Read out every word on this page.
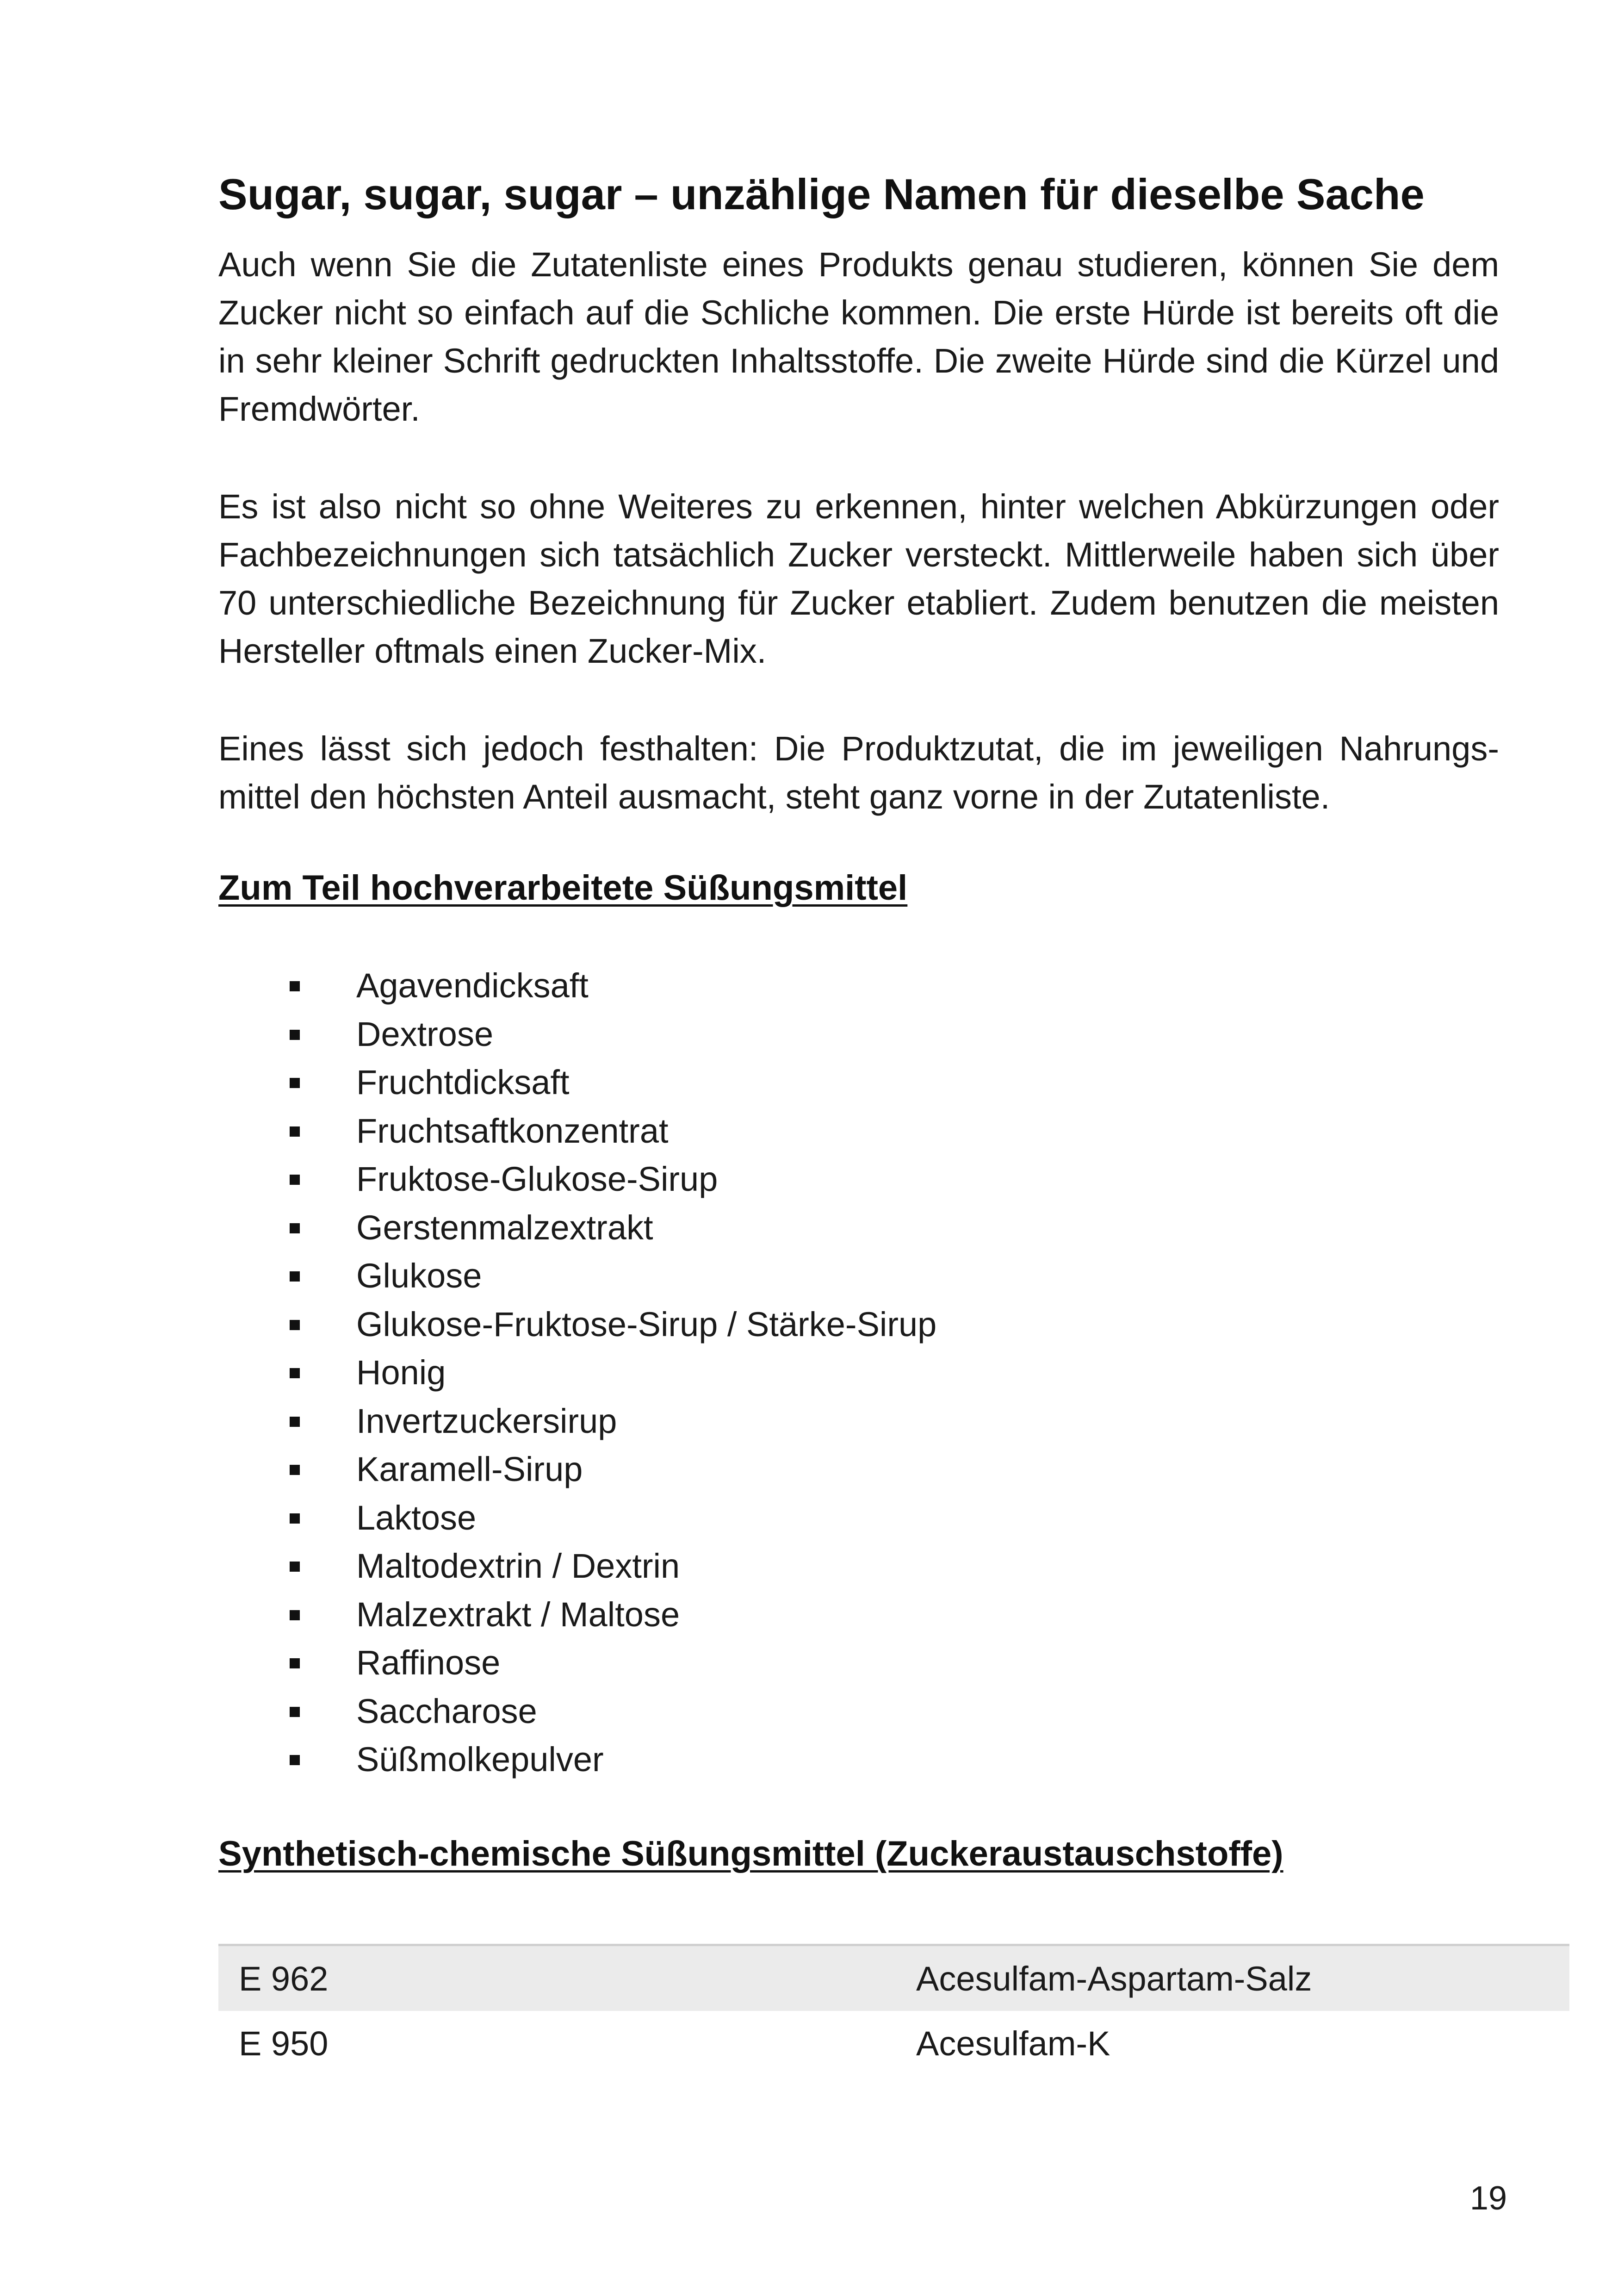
Sugar, sugar, sugar – unzählige Namen für dieselbe Sache

Auch wenn Sie die Zutatenliste eines Produkts genau studieren, können Sie dem Zucker nicht so einfach auf die Schliche kommen. Die erste Hürde ist bereits oft die in sehr kleiner Schrift gedruckten Inhaltsstoffe. Die zweite Hürde sind die Kürzel und Fremdwörter.

Es ist also nicht so ohne Weiteres zu erkennen, hinter welchen Abkürzungen oder Fachbezeichnungen sich tatsächlich Zucker versteckt. Mittlerweile haben sich über 70 unterschiedliche Bezeichnung für Zucker etabliert. Zudem benutzen die meisten Hersteller oftmals einen Zucker-Mix.

Eines lässt sich jedoch festhalten: Die Produktzutat, die im jeweiligen Nahrungsmittel den höchsten Anteil ausmacht, steht ganz vorne in der Zutatenliste.

Zum Teil hochverarbeitete Süßungsmittel
Agavendicksaft
Dextrose
Fruchtdicksaft
Fruchtsaftkonzentrat
Fruktose-Glukose-Sirup
Gerstenmalzextrakt
Glukose
Glukose-Fruktose-Sirup / Stärke-Sirup
Honig
Invertzuckersirup
Karamell-Sirup
Laktose
Maltodextrin / Dextrin
Malzextrakt / Maltose
Raffinose
Saccharose
Süßmolkepulver
Synthetisch-chemische Süßungsmittel (Zuckeraustauschstoffe)
E 962	Acesulfam-Aspartam-Salz
E 950	Acesulfam-K

19
